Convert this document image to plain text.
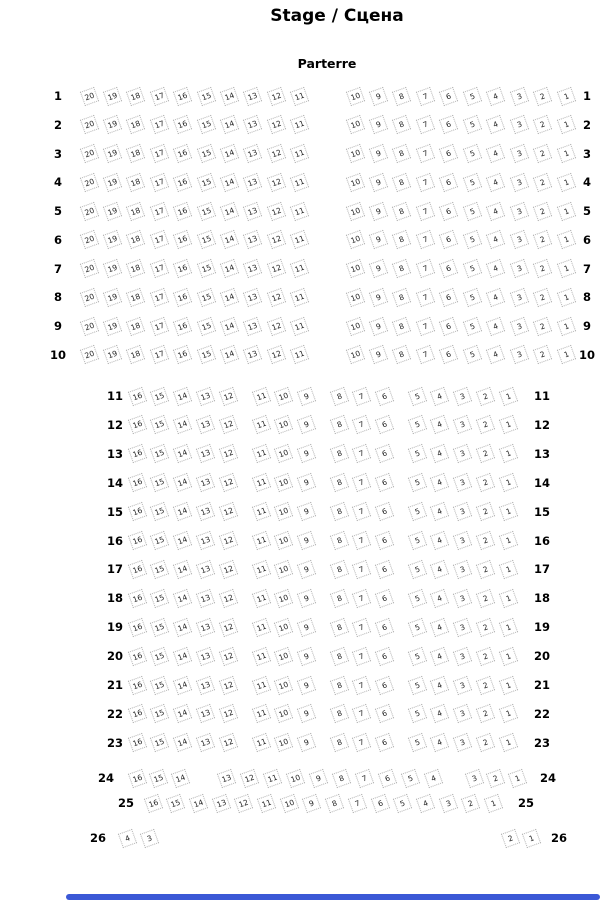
Stage / Сцена
Parterre
1	20	19	18	17	16	15	14	13	12	11	10	9	8	7	6	5	4	3	2	1	1
2	20	19	18	17	16	15	14	13	12	11	10	9	8	7	6	5	4	3	2	1	2
3	20	19	18	17	16	15	14	13	12	11	10	9	8	7	6	5	4	3	2	1	3
4	20	19	18	17	16	15	14	13	12	11	10	9	8	7	6	5	4	3	2	1	4
5	20	19	18	17	16	15	14	13	12	11	10	9	8	7	6	5	4	3	2	1	5
6	20	19	18	17	16	15	14	13	12	11	10	9	8	7	6	5	4	3	2	1	6
7	20	19	18	17	16	15	14	13	12	11	10	9	8	7	6	5	4	3	2	1	7
8	20	19	18	17	16	15	14	13	12	11	10	9	8	7	6	5	4	3	2	1	8
9	20	19	18	17	16	15	14	13	12	11	10	9	8	7	6	5	4	3	2	1	9
10	20	19	18	17	16	15	14	13	12	11	10	9	8	7	6	5	4	3	2	1 10
11	16	15	14	13	12	11	10	9	8	7	6	5	4	3	2	1	11
12	16	15	14	13	12	11	10	9	8	7	6	5	4	3	2	1	12
13	16	15	14	13	12	11	10	9	8	7	6	5	4	3	2	1	13
14	16	15	14	13	12	11	10	9	8	7	6	5	4	3	2	1	14
15	16	15	14	13	12	11	10	9	8	7	6	5	4	3	2	1	15
16	16	15	14	13	12	11	10	9	8	7	6	5	4	3	2	1	16
17	16	15	14	13	12	11	10	9	8	7	6	5	4	3	2	1	17
18	16	15	14	13	12	11	10	9	8	7	6	5	4	3	2	1	18
19	16	15	14	13	12	11	10	9	8	7	6	5	4	3	2	1	19
20	16	15	14	13	12	11	10	9	8	7	6	5	4	3	2	1	20
21	16	15	14	13	12	11	10	9	8	7	6	5	4	3	2	1	21
22	16	15	14	13	12	11	10	9	8	7	6	5	4	3	2	1	22
23	16	15	14	13	12	11	10	9	8	7	6	5	4	3	2	1	23
24	16	15	14	13	12	11	10	9	8	7	6	5	4	3	2	1	24
25	16	15	14	13	12	11	10	9	8	7	6	5	4	3	2	1	25
26	4	3	2	1	26
